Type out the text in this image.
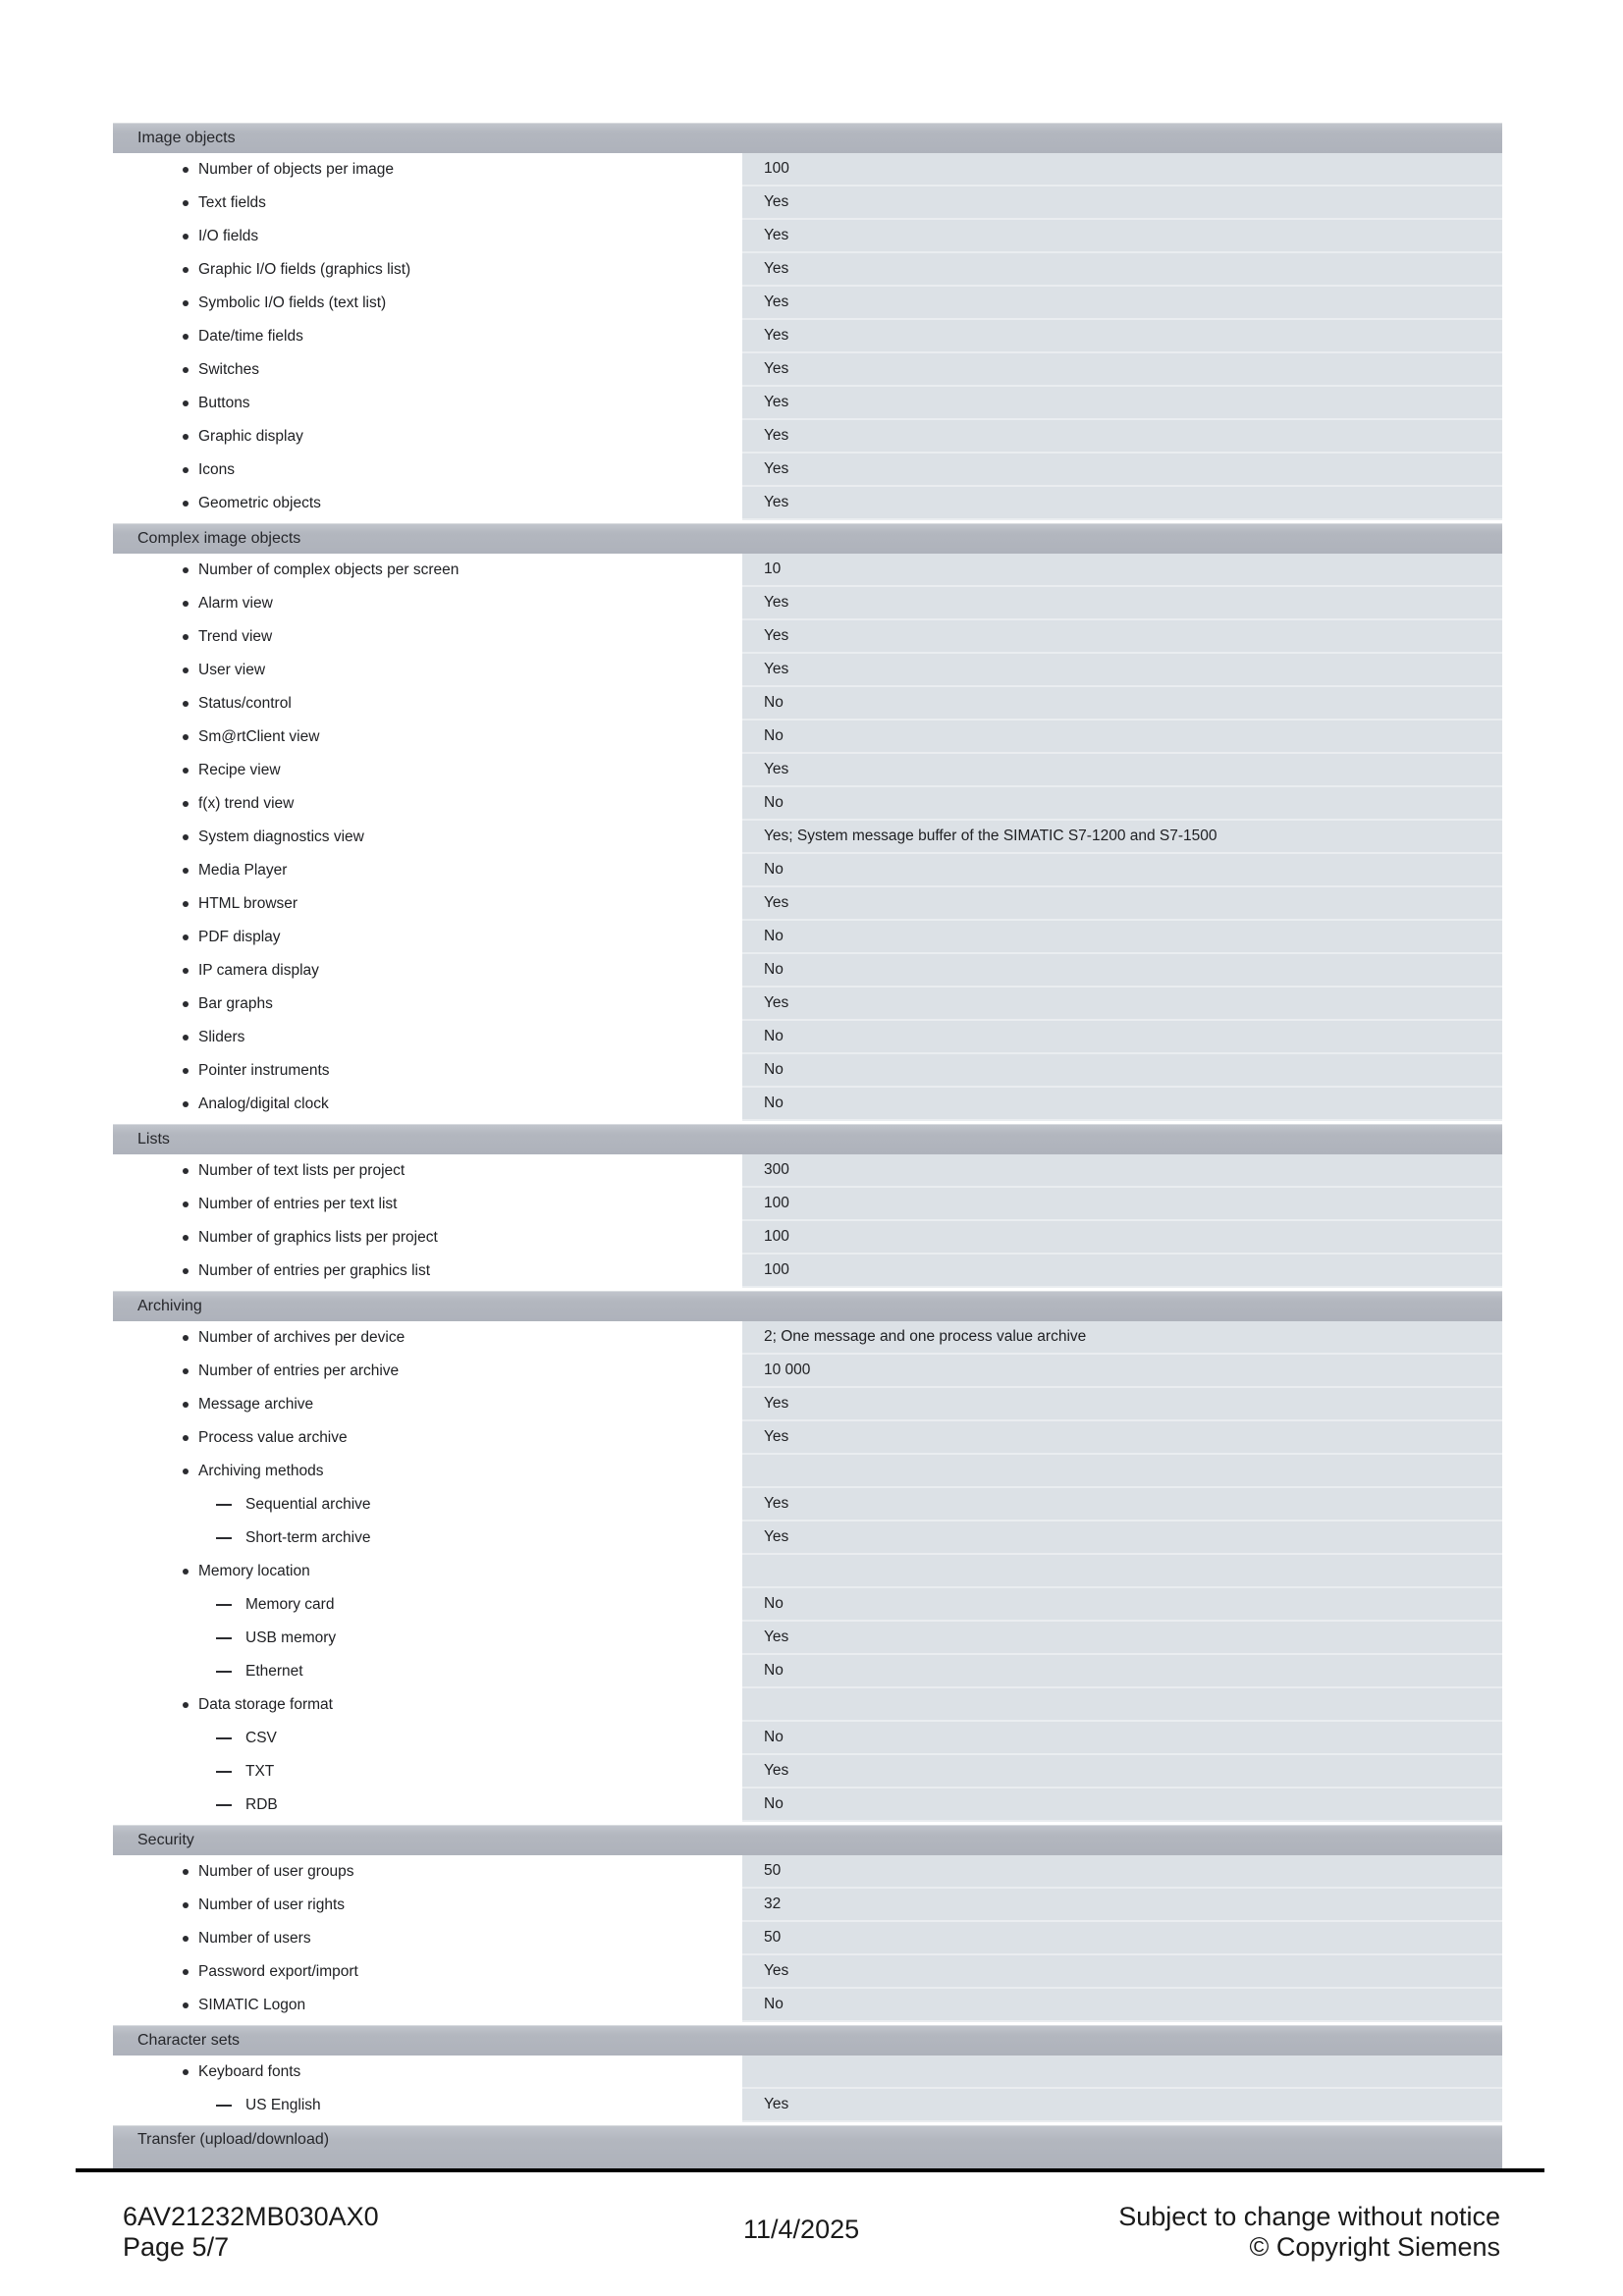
Image objects
Number of objects per image	100
Text fields	Yes
I/O fields	Yes
Graphic I/O fields (graphics list)	Yes
Symbolic I/O fields (text list)	Yes
Date/time fields	Yes
Switches	Yes
Buttons	Yes
Graphic display	Yes
Icons	Yes
Geometric objects	Yes
Complex image objects
Number of complex objects per screen	10
Alarm view	Yes
Trend view	Yes
User view	Yes
Status/control	No
Sm@rtClient view	No
Recipe view	Yes
f(x) trend view	No
System diagnostics view	Yes; System message buffer of the SIMATIC S7-1200 and S7-1500
Media Player	No
HTML browser	Yes
PDF display	No
IP camera display	No
Bar graphs	Yes
Sliders	No
Pointer instruments	No
Analog/digital clock	No
Lists
Number of text lists per project	300
Number of entries per text list	100
Number of graphics lists per project	100
Number of entries per graphics list	100
Archiving
Number of archives per device	2; One message and one process value archive
Number of entries per archive	10 000
Message archive	Yes
Process value archive	Yes
Archiving methods
Sequential archive	Yes
Short-term archive	Yes
Memory location
Memory card	No
USB memory	Yes
Ethernet	No
Data storage format
CSV	No
TXT	Yes
RDB	No
Security
Number of user groups	50
Number of user rights	32
Number of users	50
Password export/import	Yes
SIMATIC Logon	No
Character sets
Keyboard fonts
US English	Yes
Transfer (upload/download)
6AV21232MB030AX0
Page 5/7
11/4/2025	Subject to change without notice
© Copyright Siemens
